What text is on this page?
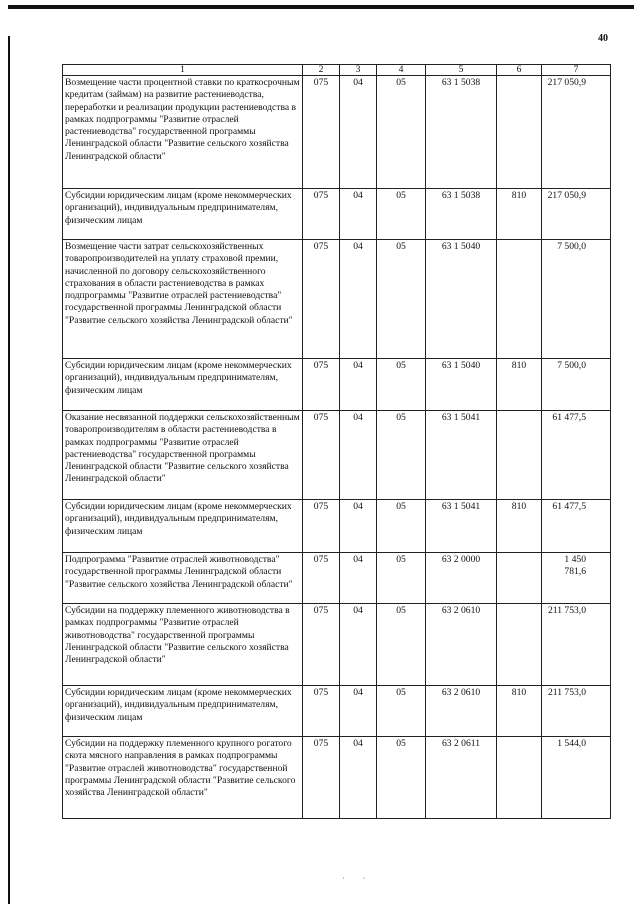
40
1	2	3	4	5	6	7
Возмещение части процентной ставки по краткосрочным кредитам (займам) на развитие растениеводства, переработки и реализации продукции растениеводства в рамках подпрограммы "Развитие отраслей растениеводства" государственной программы Ленинградской области "Развитие сельского хозяйства Ленинградской области"	075	04	05	63 1 5038		217 050,9
Субсидии юридическим лицам (кроме некоммерческих организаций), индивидуальным предпринимателям, физическим лицам	075	04	05	63 1 5038	810	217 050,9
Возмещение части затрат сельскохозяйственных товаропроизводителей на уплату страховой премии, начисленной по договору сельскохозяйственного страхования в области растениеводства в рамках подпрограммы "Развитие отраслей растениеводства" государственной программы Ленинградской области "Развитие сельского хозяйства Ленинградской области"	075	04	05	63 1 5040		7 500,0
Субсидии юридическим лицам (кроме некоммерческих организаций), индивидуальным предпринимателям, физическим лицам	075	04	05	63 1 5040	810	7 500,0
Оказание несвязанной поддержки сельскохозяйственным товаропроизводителям в области растениеводства в рамках подпрограммы "Развитие отраслей растениеводства" государственной программы Ленинградской области "Развитие сельского хозяйства Ленинградской области"	075	04	05	63 1 5041		61 477,5
Субсидии юридическим лицам (кроме некоммерческих организаций), индивидуальным предпринимателям, физическим лицам	075	04	05	63 1 5041	810	61 477,5
Подпрограмма "Развитие отраслей животноводства" государственной программы Ленинградской области "Развитие сельского хозяйства Ленинградской области"	075	04	05	63 2 0000		1 450 781,6
Субсидии на поддержку племенного животноводства в рамках подпрограммы "Развитие отраслей животноводства" государственной программы Ленинградской области "Развитие сельского хозяйства Ленинградской области"	075	04	05	63 2 0610		211 753,0
Субсидии юридическим лицам (кроме некоммерческих организаций), индивидуальным предпринимателям, физическим лицам	075	04	05	63 2 0610	810	211 753,0
Субсидии на поддержку племенного крупного рогатого скота мясного направления в рамках подпрограммы "Развитие отраслей животноводства" государственной программы Ленинградской области "Развитие сельского хозяйства Ленинградской области"	075	04	05	63 2 0611		1 544,0
· ·
